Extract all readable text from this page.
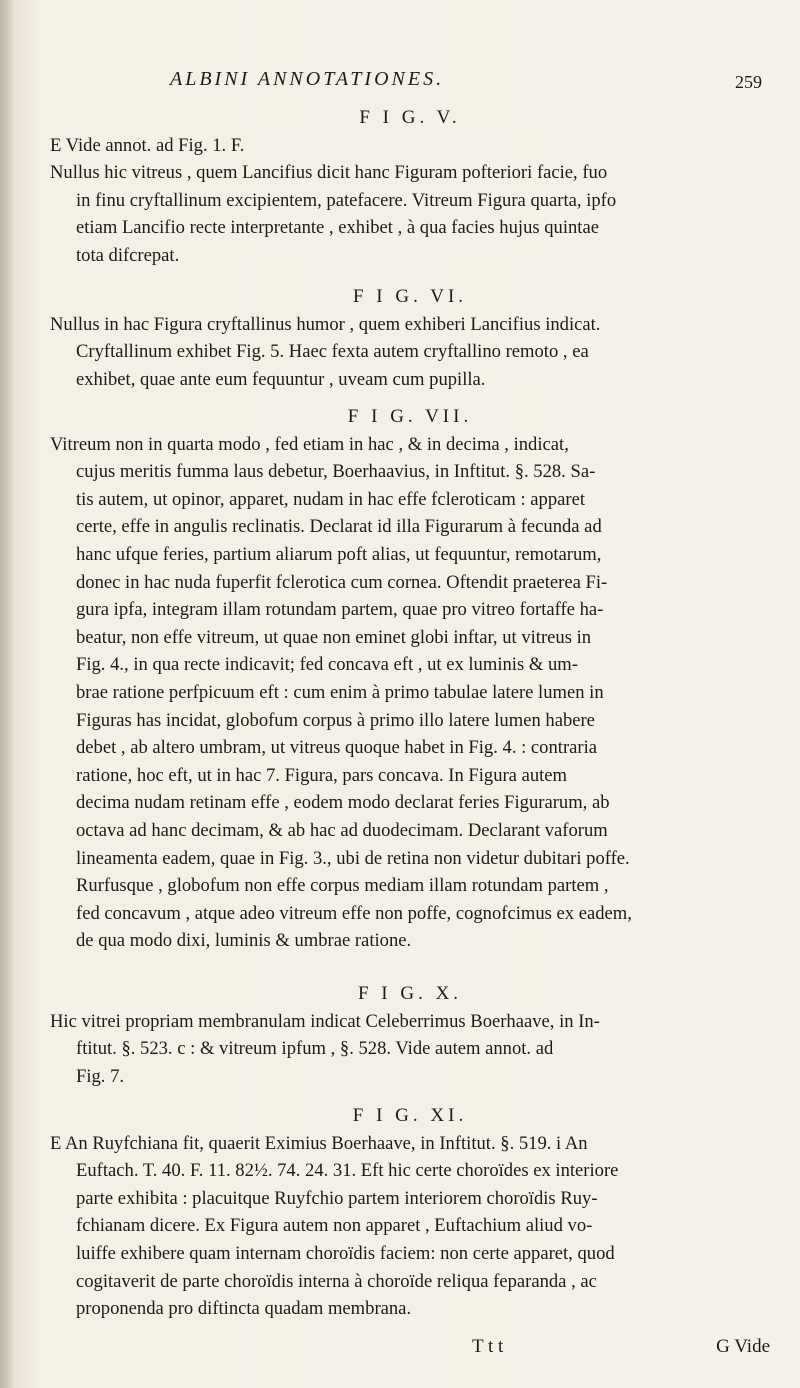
ALBINI ANNOTATIONES.	259

F I G. V.

E Vide annot. ad Fig. 1. F.

Nullus hic vitreus , quem Lancifius dicit hanc Figuram pofteriori facie, fuo

in finu cryftallinum excipientem, patefacere. Vitreum Figura quarta, ipfo

etiam Lancifio recte interpretante , exhibet , à qua facies hujus quintae

tota difcrepat.

F I G. VI.

Nullus in hac Figura cryftallinus humor , quem exhiberi Lancifius indicat.

Cryftallinum exhibet Fig. 5. Haec fexta autem cryftallino remoto , ea

exhibet, quae ante eum fequuntur , uveam cum pupilla.

F I G. VII.

Vitreum non in quarta modo , fed etiam in hac , & in decima , indicat,

cujus meritis fumma laus debetur, Boerhaavius, in Inftitut. §. 528. Sa-

tis autem, ut opinor, apparet, nudam in hac effe fcleroticam : apparet

certe, effe in angulis reclinatis. Declarat id illa Figurarum à fecunda ad

hanc ufque feries, partium aliarum poft alias, ut fequuntur, remotarum,

donec in hac nuda fuperfit fclerotica cum cornea. Oftendit praeterea Fi-

gura ipfa, integram illam rotundam partem, quae pro vitreo fortaffe ha-

beatur, non effe vitreum, ut quae non eminet globi inftar, ut vitreus in

Fig. 4., in qua recte indicavit; fed concava eft , ut ex luminis & um-

brae ratione perfpicuum eft : cum enim à primo tabulae latere lumen in

Figuras has incidat, globofum corpus à primo illo latere lumen habere

debet , ab altero umbram, ut vitreus quoque habet in Fig. 4. : contraria

ratione, hoc eft, ut in hac 7. Figura, pars concava. In Figura autem

decima nudam retinam effe , eodem modo declarat feries Figurarum, ab

octava ad hanc decimam, & ab hac ad duodecimam. Declarant vaforum

lineamenta eadem, quae in Fig. 3., ubi de retina non videtur dubitari poffe.

Rurfusque , globofum non effe corpus mediam illam rotundam partem ,

fed concavum , atque adeo vitreum effe non poffe, cognofcimus ex eadem,

de qua modo dixi, luminis & umbrae ratione.

F I G. X.

Hic vitrei propriam membranulam indicat Celeberrimus Boerhaave, in In-

ftitut. §. 523. c : & vitreum ipfum , §. 528. Vide autem annot. ad

Fig. 7.

F I G. XI.

E An Ruyfchiana fit, quaerit Eximius Boerhaave, in Inftitut. §. 519. i An

Euftach. T. 40. F. 11. 82½. 74. 24. 31. Eft hic certe choroïdes ex interiore

parte exhibita : placuitque Ruyfchio partem interiorem choroïdis Ruy-

fchianam dicere. Ex Figura autem non apparet , Euftachium aliud vo-

luiffe exhibere quam internam choroïdis faciem: non certe apparet, quod

cogitaverit de parte choroïdis interna à choroïde reliqua feparanda , ac

proponenda pro diftincta quadam membrana.

T t t	G Vide
